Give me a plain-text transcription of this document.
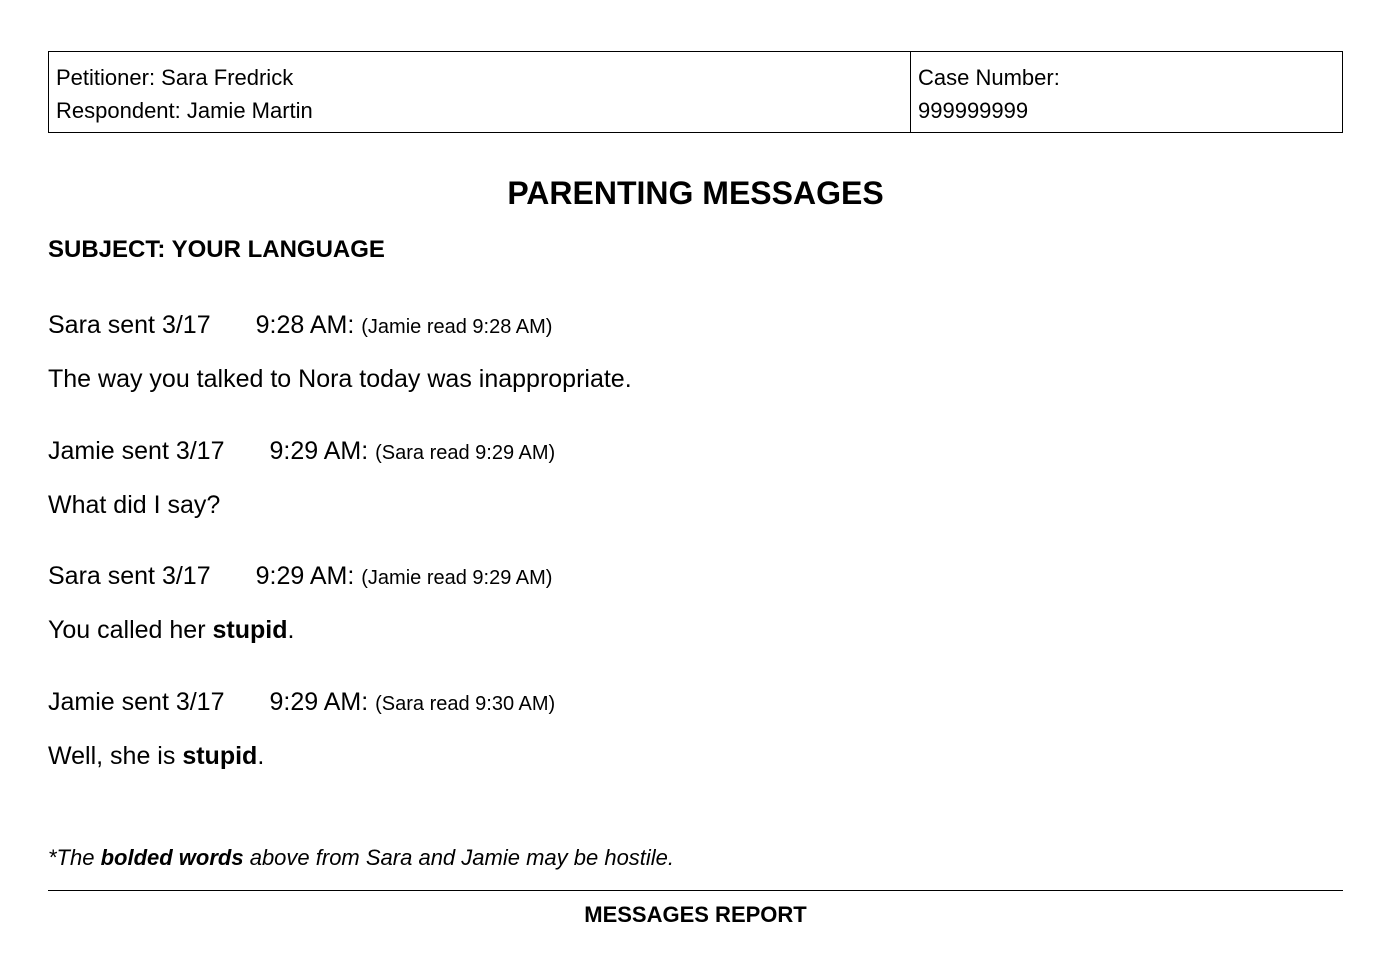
Petitioner: Sara Fredrick
Respondent: Jamie Martin
Case Number:
999999999
PARENTING MESSAGES
SUBJECT: YOUR LANGUAGE
Sara sent 3/17 9:28 AM: (Jamie read 9:28 AM)
The way you talked to Nora today was inappropriate.
Jamie sent 3/17 9:29 AM: (Sara read 9:29 AM)
What did I say?
Sara sent 3/17 9:29 AM: (Jamie read 9:29 AM)
You called her stupid.
Jamie sent 3/17 9:29 AM: (Sara read 9:30 AM)
Well, she is stupid.
*The bolded words above from Sara and Jamie may be hostile.
MESSAGES REPORT
